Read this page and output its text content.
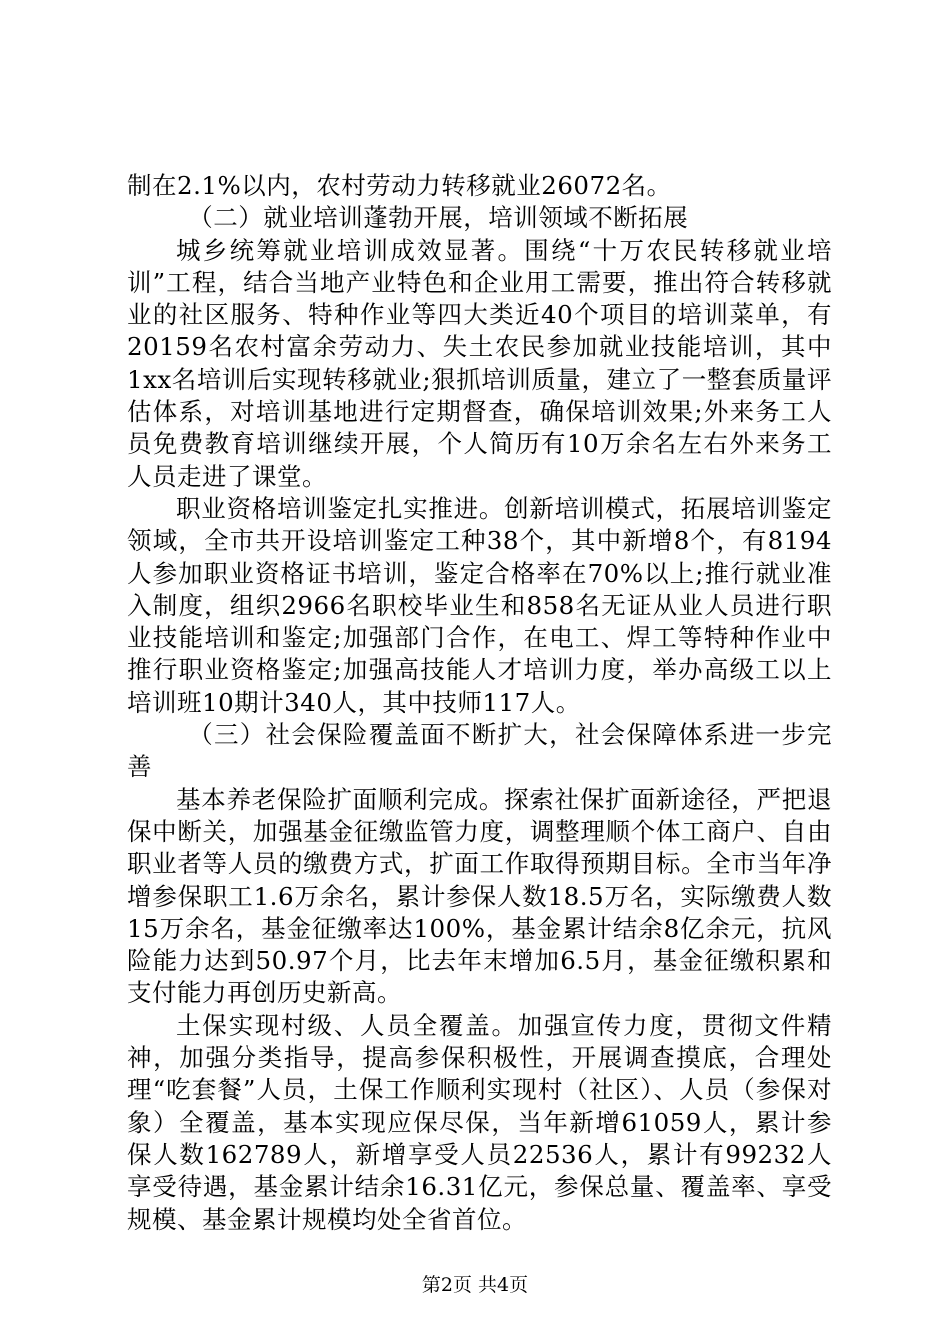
制在2.1%以内，农村劳动力转移就业26072名。

（二）就业培训蓬勃开展，培训领域不断拓展

城乡统筹就业培训成效显著。围绕“十万农民转移就业培训”工程，结合当地产业特色和企业用工需要，推出符合转移就业的社区服务、特种作业等四大类近40个项目的培训菜单，有20159名农村富余劳动力、失土农民参加就业技能培训，其中1xx名培训后实现转移就业;狠抓培训质量，建立了一整套质量评估体系，对培训基地进行定期督查，确保培训效果;外来务工人员免费教育培训继续开展，个人简历有10万余名左右外来务工人员走进了课堂。

职业资格培训鉴定扎实推进。创新培训模式，拓展培训鉴定领域，全市共开设培训鉴定工种38个，其中新增8个，有8194人参加职业资格证书培训，鉴定合格率在70%以上;推行就业准入制度，组织2966名职校毕业生和858名无证从业人员进行职业技能培训和鉴定;加强部门合作，在电工、焊工等特种作业中推行职业资格鉴定;加强高技能人才培训力度，举办高级工以上培训班10期计340人，其中技师117人。

（三）社会保险覆盖面不断扩大，社会保障体系进一步完善

基本养老保险扩面顺利完成。探索社保扩面新途径，严把退保中断关，加强基金征缴监管力度，调整理顺个体工商户、自由职业者等人员的缴费方式，扩面工作取得预期目标。全市当年净增参保职工1.6万余名，累计参保人数18.5万名，实际缴费人数15万余名，基金征缴率达100%，基金累计结余8亿余元，抗风险能力达到50.97个月，比去年末增加6.5月，基金征缴积累和支付能力再创历史新高。

土保实现村级、人员全覆盖。加强宣传力度，贯彻文件精神，加强分类指导，提高参保积极性，开展调查摸底，合理处理“吃套餐”人员，土保工作顺利实现村（社区）、人员（参保对象）全覆盖，基本实现应保尽保，当年新增61059人，累计参保人数162789人，新增享受人员22536人，累计有99232人享受待遇，基金累计结余16.31亿元，参保总量、覆盖率、享受规模、基金累计规模均处全省首位。

第2页 共4页
